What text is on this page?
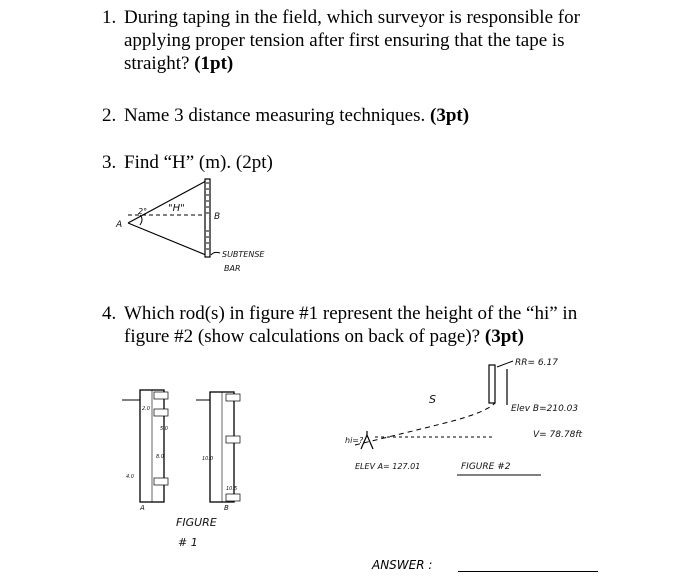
1. During taping in the field, which surveyor is responsible for
applying proper tension after first ensuring that the tape is
straight? (1pt)
2. Name 3 distance measuring techniques. (3pt)
3. Find “H” (m). (2pt)
2° "H"
A
B
SUBTENSE
BAR
4. Which rod(s) in figure #1 represent the height of the “hi” in
figure #2 (show calculations on back of page)? (3pt)
2.0
4.0
8.0
A
10.5
10.0
5.0
B
FIGURE
# 1
RR= 6.17
Elev B=210.03
V= 78.78ft
S
hi=?
ELEV A= 127.01	FIGURE #2
ANSWER :
